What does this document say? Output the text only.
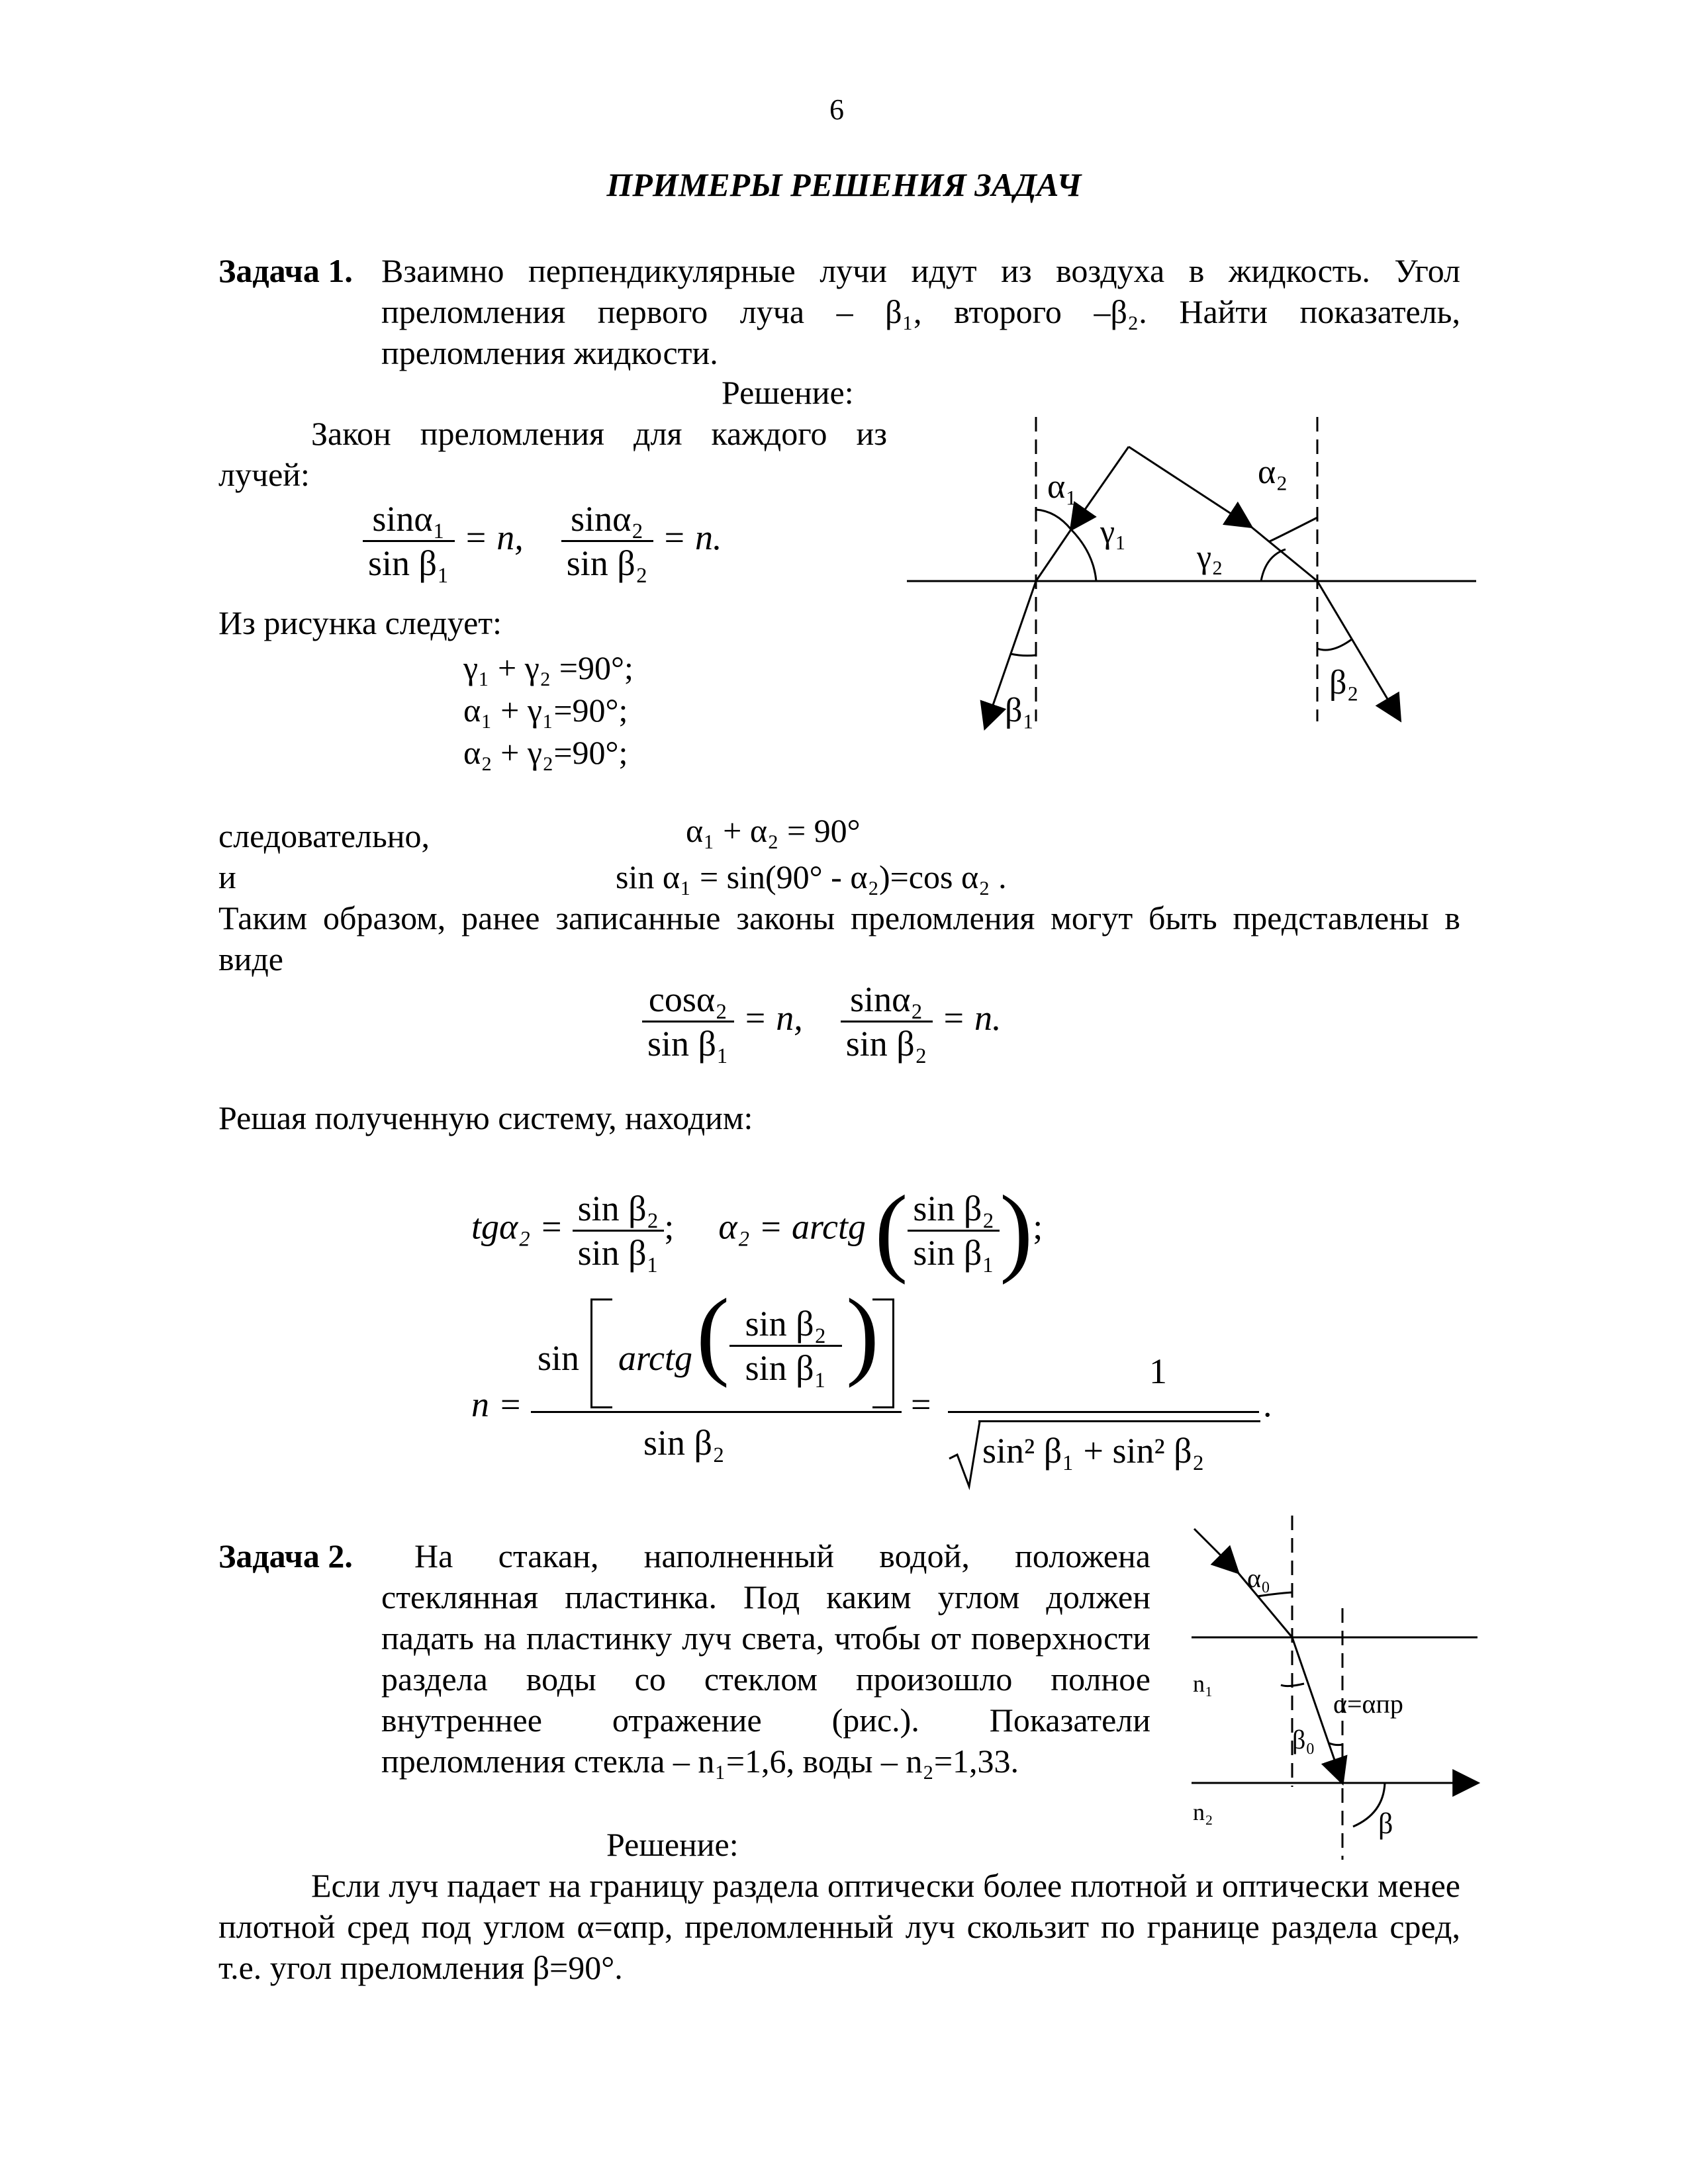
6
ПРИМЕРЫ РЕШЕНИЯ ЗАДАЧ
Задача 1. Взаимно перпендикулярные лучи идут из воздуха в жидкость. Угол преломления первого луча – β₁, второго –β₂. Найти показатель, преломления жидкости.
Решение:
Закон преломления для каждого из лучей:
$\frac{\text{sinα₁}}{\text{sin β₁}} = n$, $\frac{\text{sinα₂}}{\text{sin β₂}} = n$.
Из рисунка следует:
γ₁ + γ₂ =90°;
α₁ + γ₁=90°;
α₂ + γ₂=90°;
следовательно,	α₁ + α₂ = 90°
и	sin α₁ = sin(90° - α₂)=cos α₂ .
Таким образом, ранее записанные законы преломления могут быть представлены в виде
$\frac{\text{cosα₂}}{\text{sin β₁}} = n$, $\frac{\text{sinα₂}}{\text{sin β₂}} = n$.
Решая полученную систему, находим:
$tg\alpha_2 = \frac{\text{sin β₂}}{\text{sin β₁}}$ ; α₂ = arctg ( $\frac{\text{sin β₂}}{\text{sin β₁}}$ );
n =
sin arctg ( $\frac{\text{sin β₂}}{\text{sin β₁}}$ )
sin β₂
=
1
sin² β₁ + sin² β₂
.
α₁
γ₁
α₂
γ₂
β₁
β₂
Задача 2.	На стакан, наполненный водой, положена стеклянная пластинка. Под каким углом должен падать на пластинку луч света, чтобы от поверхности раздела воды со стеклом произошло полное внутреннее отражение (рис.). Показатели преломления стекла – n₁=1,6, воды – n₂=1,33.
Решение:
Если луч падает на границу раздела оптически более плотной и оптически менее плотной сред под углом α=αпр, преломленный луч скользит по границе раздела сред, т.е. угол преломления β=90°.
α₀
n₁
n₂
β₀
α=αпр
β
